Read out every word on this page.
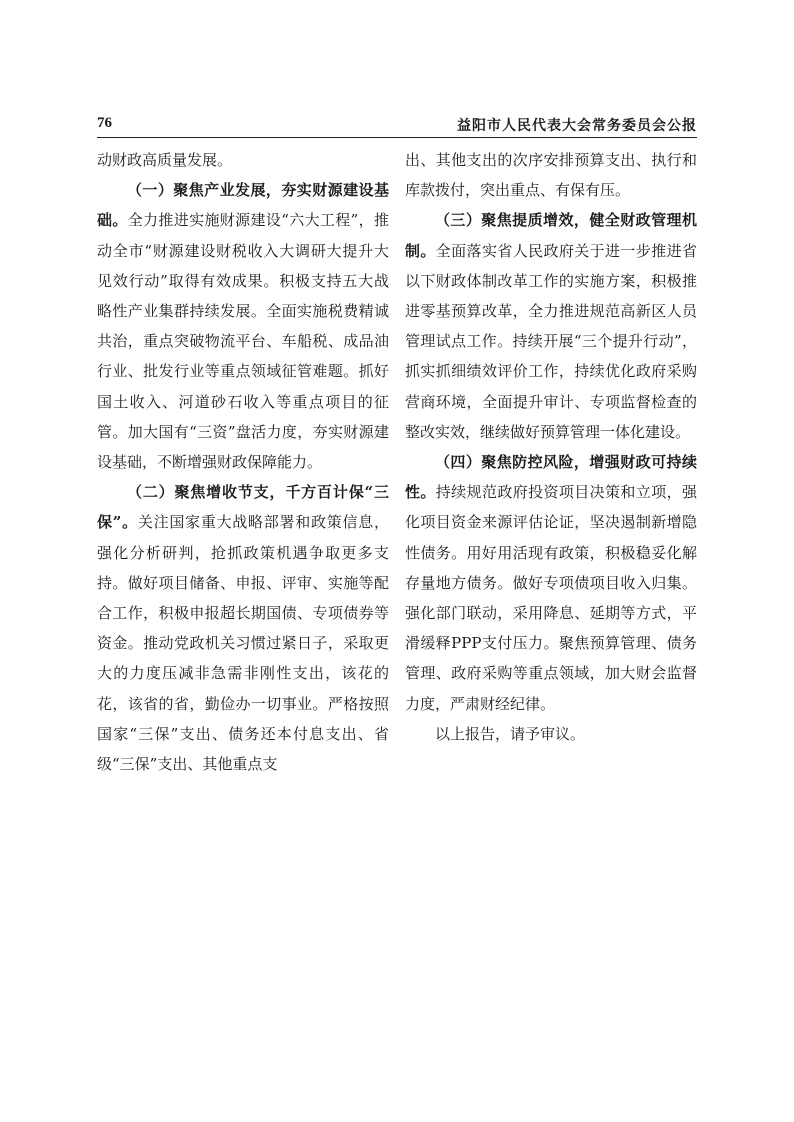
76	益阳市人民代表大会常务委员会公报

动财政高质量发展。

（一）聚焦产业发展，夯实财源建设基础。全力推进实施财源建设“六大工程”，推动全市“财源建设财税收入大调研大提升大见效行动”取得有效成果。积极支持五大战略性产业集群持续发展。全面实施税费精诚共治，重点突破物流平台、车船税、成品油行业、批发行业等重点领域征管难题。抓好国土收入、河道砂石收入等重点项目的征管。加大国有“三资”盘活力度，夯实财源建设基础，不断增强财政保障能力。

（二）聚焦增收节支，千方百计保“三保”。关注国家重大战略部署和政策信息，强化分析研判，抢抓政策机遇争取更多支持。做好项目储备、申报、评审、实施等配合工作，积极申报超长期国债、专项债券等资金。推动党政机关习惯过紧日子，采取更大的力度压减非急需非刚性支出，该花的花，该省的省，勤俭办一切事业。严格按照国家“三保”支出、债务还本付息支出、省级“三保”支出、其他重点支

出、其他支出的次序安排预算支出、执行和库款拨付，突出重点、有保有压。

（三）聚焦提质增效，健全财政管理机制。全面落实省人民政府关于进一步推进省以下财政体制改革工作的实施方案，积极推进零基预算改革，全力推进规范高新区人员管理试点工作。持续开展“三个提升行动”，抓实抓细绩效评价工作，持续优化政府采购营商环境，全面提升审计、专项监督检查的整改实效，继续做好预算管理一体化建设。

（四）聚焦防控风险，增强财政可持续性。持续规范政府投资项目决策和立项，强化项目资金来源评估论证，坚决遏制新增隐性债务。用好用活现有政策，积极稳妥化解存量地方债务。做好专项债项目收入归集。强化部门联动，采用降息、延期等方式，平滑缓释PPP支付压力。聚焦预算管理、债务管理、政府采购等重点领域，加大财会监督力度，严肃财经纪律。

以上报告，请予审议。
